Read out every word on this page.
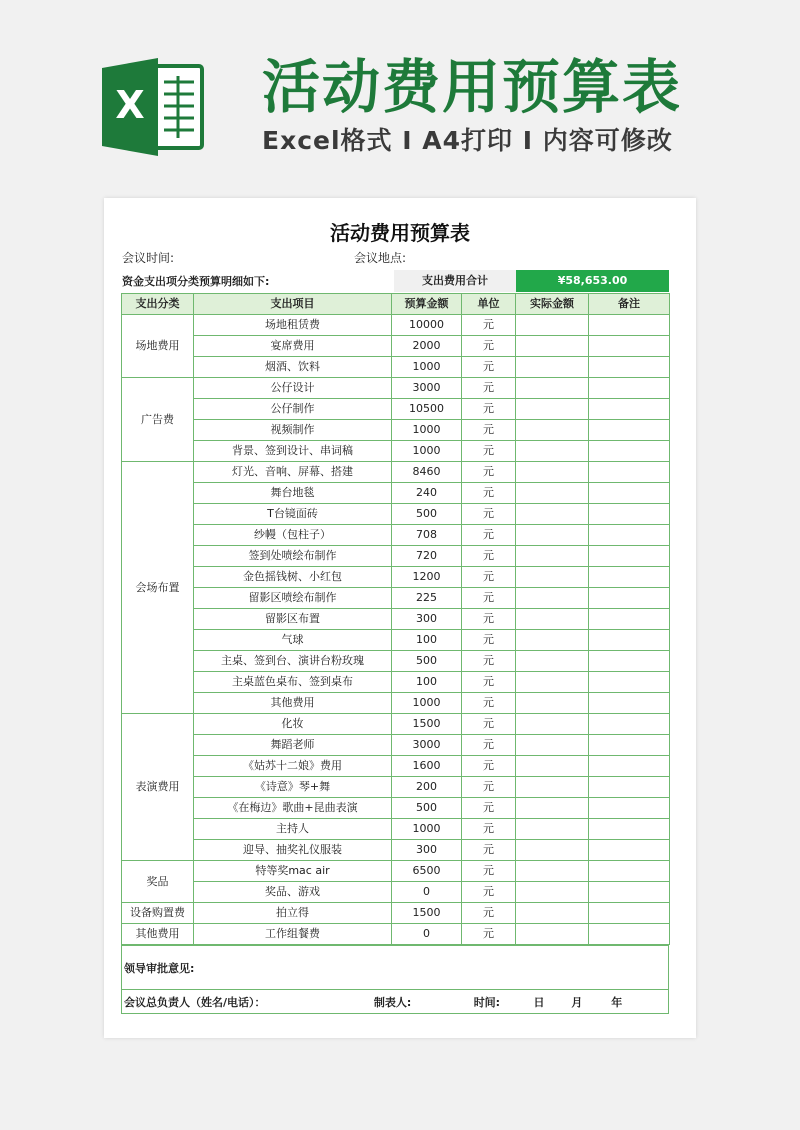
X 活动费用预算表
Excel格式 I A4打印 I 内容可修改
活动费用预算表
会议时间:	会议地点:
资金支出项分类预算明细如下:	支出费用合计	¥58,653.00
支出分类	支出项目	预算金额	单位	实际金额	备注
场地费用	场地租赁费	10000	元		
	宴席费用	2000	元		
	烟酒、饮料	1000	元		
广告费	公仔设计	3000	元		
	公仔制作	10500	元		
	视频制作	1000	元		
	背景、签到设计、串词稿	1000	元		
会场布置	灯光、音响、屏幕、搭建	8460	元		
	舞台地毯	240	元		
	T台镜面砖	500	元		
	纱幔（包柱子）	708	元		
	签到处喷绘布制作	720	元		
	金色摇钱树、小红包	1200	元		
	留影区喷绘布制作	225	元		
	留影区布置	300	元		
	气球	100	元		
	主桌、签到台、演讲台粉玫瑰	500	元		
	主桌蓝色桌布、签到桌布	100	元		
	其他费用	1000	元		
表演费用	化妆	1500	元		
	舞蹈老师	3000	元		
	《姑苏十二娘》费用	1600	元		
	《诗意》琴+舞	200	元		
	《在梅边》歌曲+昆曲表演	500	元		
	主持人	1000	元		
	迎导、抽奖礼仪服装	300	元		
奖品	特等奖mac air	6500	元		
	奖品、游戏	0	元		
设备购置费	拍立得	1500	元		
其他费用	工作组餐费	0	元		
领导审批意见:
会议总负责人（姓名/电话）：	制表人:	时间:	日 月	年
